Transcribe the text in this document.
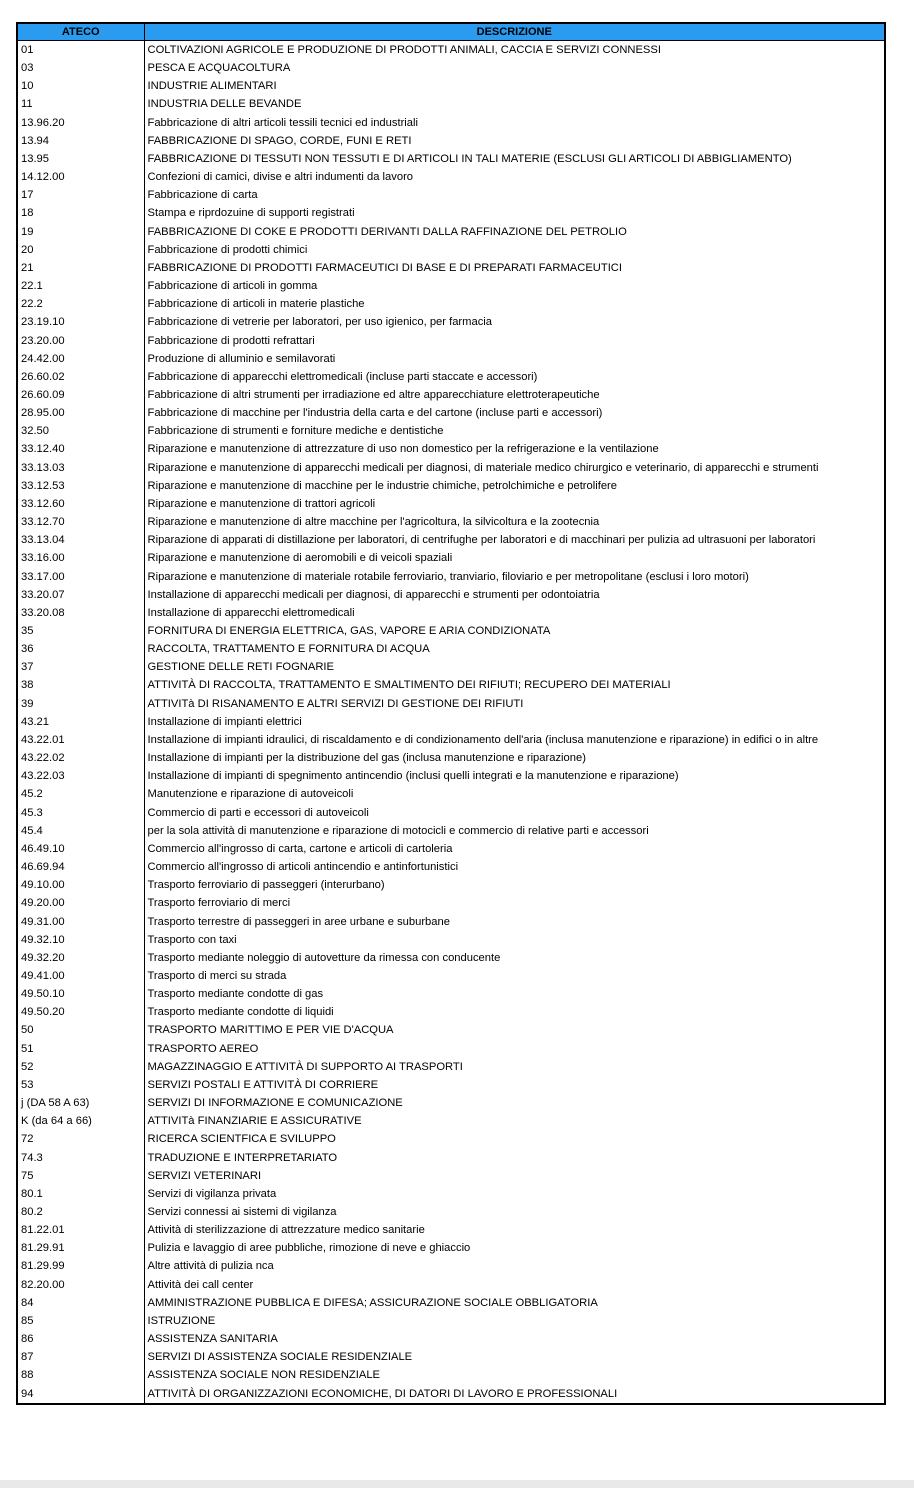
ATECO	DESCRIZIONE
01	COLTIVAZIONI AGRICOLE E PRODUZIONE DI PRODOTTI ANIMALI, CACCIA E SERVIZI CONNESSI
03	PESCA E ACQUACOLTURA
10	INDUSTRIE ALIMENTARI
11	INDUSTRIA DELLE BEVANDE
13.96.20	Fabbricazione di altri articoli tessili tecnici ed industriali
13.94	FABBRICAZIONE DI SPAGO, CORDE, FUNI E RETI
13.95	FABBRICAZIONE DI TESSUTI NON TESSUTI E DI ARTICOLI IN TALI MATERIE (ESCLUSI GLI ARTICOLI DI ABBIGLIAMENTO)
14.12.00	Confezioni di camici, divise e altri indumenti da lavoro
17	Fabbricazione di carta
18	Stampa e riprdozuine di supporti registrati
19	FABBRICAZIONE DI COKE E PRODOTTI DERIVANTI DALLA RAFFINAZIONE DEL PETROLIO
20	Fabbricazione di prodotti chimici
21	FABBRICAZIONE DI PRODOTTI FARMACEUTICI DI BASE E DI PREPARATI FARMACEUTICI
22.1	Fabbricazione di articoli in gomma
22.2	Fabbricazione di articoli in materie plastiche
23.19.10	Fabbricazione di vetrerie per laboratori, per uso igienico, per farmacia
23.20.00	Fabbricazione di prodotti refrattari
24.42.00	Produzione di alluminio e semilavorati
26.60.02	Fabbricazione di apparecchi elettromedicali (incluse parti staccate e accessori)
26.60.09	Fabbricazione di altri strumenti per irradiazione ed altre apparecchiature elettroterapeutiche
28.95.00	Fabbricazione di macchine per l'industria della carta e del cartone (incluse parti e accessori)
32.50	Fabbricazione di strumenti e forniture mediche e dentistiche
33.12.40	Riparazione e manutenzione di attrezzature di uso non domestico per la refrigerazione e la ventilazione
33.13.03	Riparazione e manutenzione di apparecchi medicali per diagnosi, di materiale medico chirurgico e veterinario, di apparecchi e strumenti
33.12.53	Riparazione e manutenzione di macchine per le industrie chimiche, petrolchimiche e petrolifere
33.12.60	Riparazione e manutenzione di trattori agricoli
33.12.70	Riparazione e manutenzione di altre macchine per l'agricoltura, la silvicoltura e la zootecnia
33.13.04	Riparazione di apparati di distillazione per laboratori, di centrifughe per laboratori e di macchinari per pulizia ad ultrasuoni per laboratori
33.16.00	Riparazione e manutenzione di aeromobili e di veicoli spaziali
33.17.00	Riparazione e manutenzione di materiale rotabile ferroviario, tranviario, filoviario e per metropolitane (esclusi i loro motori)
33.20.07	Installazione di apparecchi medicali per diagnosi, di apparecchi e strumenti per odontoiatria
33.20.08	Installazione di apparecchi elettromedicali
35	FORNITURA DI ENERGIA ELETTRICA, GAS, VAPORE E ARIA CONDIZIONATA
36	RACCOLTA, TRATTAMENTO E FORNITURA DI ACQUA
37	GESTIONE DELLE RETI FOGNARIE
38	ATTIVITÀ DI RACCOLTA, TRATTAMENTO E SMALTIMENTO DEI RIFIUTI; RECUPERO DEI MATERIALI
39	ATTIVITà DI RISANAMENTO E ALTRI SERVIZI DI GESTIONE DEI RIFIUTI
43.21	Installazione di impianti elettrici
43.22.01	Installazione di impianti idraulici, di riscaldamento e di condizionamento dell'aria (inclusa manutenzione e riparazione) in edifici o in altre
43.22.02	Installazione di impianti per la distribuzione del gas (inclusa manutenzione e riparazione)
43.22.03	Installazione di impianti di spegnimento antincendio (inclusi quelli integrati e la manutenzione e riparazione)
45.2	Manutenzione e riparazione di autoveicoli
45.3	Commercio di parti e eccessori di autoveicoli
45.4	per la sola attività di manutenzione e riparazione di motocicli e commercio di relative parti e accessori
46.49.10	Commercio all'ingrosso di carta, cartone e articoli di cartoleria
46.69.94	Commercio all'ingrosso di articoli antincendio e antinfortunistici
49.10.00	Trasporto ferroviario di passeggeri (interurbano)
49.20.00	Trasporto ferroviario di merci
49.31.00	Trasporto terrestre di passeggeri in aree urbane e suburbane
49.32.10	Trasporto con taxi
49.32.20	Trasporto mediante noleggio di autovetture da rimessa con conducente
49.41.00	Trasporto di merci su strada
49.50.10	Trasporto mediante condotte di gas
49.50.20	Trasporto mediante condotte di liquidi
50	TRASPORTO MARITTIMO E PER VIE D'ACQUA
51	TRASPORTO AEREO
52	MAGAZZINAGGIO E ATTIVITÀ DI SUPPORTO AI TRASPORTI
53	SERVIZI POSTALI E ATTIVITÀ DI CORRIERE
j (DA 58 A 63)	SERVIZI DI INFORMAZIONE E COMUNICAZIONE
K (da 64 a 66)	ATTIVITà FINANZIARIE E ASSICURATIVE
72	RICERCA SCIENTFICA E SVILUPPO
74.3	TRADUZIONE E INTERPRETARIATO
75	SERVIZI VETERINARI
80.1	Servizi di vigilanza privata
80.2	Servizi connessi ai sistemi di vigilanza
81.22.01	Attività di sterilizzazione di attrezzature medico sanitarie
81.29.91	Pulizia e lavaggio di aree pubbliche, rimozione di neve e ghiaccio
81.29.99	Altre attività di pulizia nca
82.20.00	Attività dei call center
84	AMMINISTRAZIONE PUBBLICA E DIFESA; ASSICURAZIONE SOCIALE OBBLIGATORIA
85	ISTRUZIONE
86	ASSISTENZA SANITARIA
87	SERVIZI DI ASSISTENZA SOCIALE RESIDENZIALE
88	ASSISTENZA SOCIALE NON RESIDENZIALE
94	ATTIVITÀ DI ORGANIZZAZIONI ECONOMICHE, DI DATORI DI LAVORO E PROFESSIONALI
